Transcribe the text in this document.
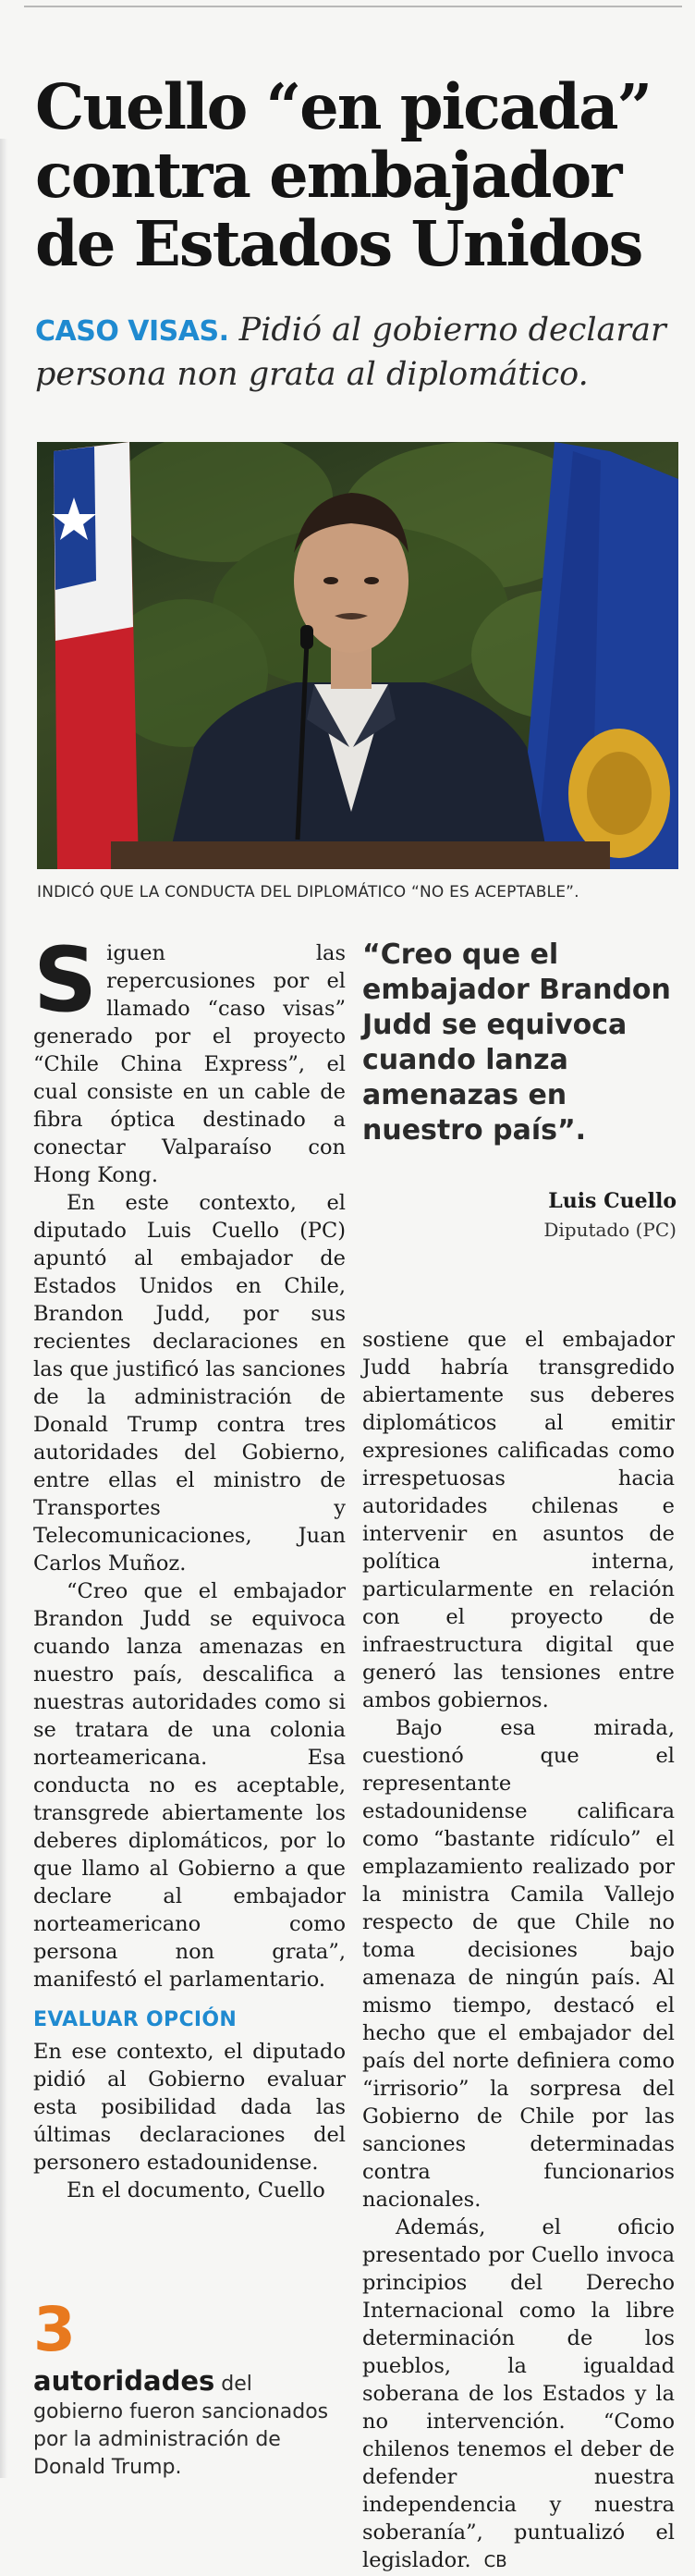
Cuello “en picada”
contra embajador
de Estados Unidos
CASO VISAS. Pidió al gobierno declarar persona non grata al diplomático.
INDICÓ QUE LA CONDUCTA DEL DIPLOMÁTICO “NO ES ACEPTABLE”.

Siguen las repercusiones por el llamado “caso visas” generado por el proyecto “Chile China Express”, el cual consiste en un cable de fibra óptica destinado a conectar Valparaíso con Hong Kong.

En este contexto, el diputado Luis Cuello (PC) apuntó al embajador de Estados Unidos en Chile, Brandon Judd, por sus recientes declaraciones en las que justificó las sanciones de la administración de Donald Trump contra tres autoridades del Gobierno, entre ellas el ministro de Transportes y Telecomunicaciones, Juan Carlos Muñoz.

“Creo que el embajador Brandon Judd se equivoca cuando lanza amenazas en nuestro país, descalifica a nuestras autoridades como si se tratara de una colonia norteamericana. Esa conducta no es aceptable, transgrede abiertamente los deberes diplomáticos, por lo que llamo al Gobierno a que declare al embajador norteamericano como persona non grata”, manifestó el parlamentario.

EVALUAR OPCIÓN

En ese contexto, el diputado pidió al Gobierno evaluar esta posibilidad dada las últimas declaraciones del personero estadounidense.

En el documento, Cuello

“Creo que el embajador Brandon Judd se equivoca cuando lanza amenazas en nuestro país”.
Luis Cuello
Diputado (PC)

sostiene que el embajador Judd habría transgredido abiertamente sus deberes diplomáticos al emitir expresiones calificadas como irrespetuosas hacia autoridades chilenas e intervenir en asuntos de política interna, particularmente en relación con el proyecto de infraestructura digital que generó las tensiones entre ambos gobiernos.

Bajo esa mirada, cuestionó que el representante estadounidense calificara como “bastante ridículo” el emplazamiento realizado por la ministra Camila Vallejo respecto de que Chile no toma decisiones bajo amenaza de ningún país. Al mismo tiempo, destacó el hecho que el embajador del país del norte definiera como “irrisorio” la sorpresa del Gobierno de Chile por las sanciones determinadas contra funcionarios nacionales.

Además, el oficio presentado por Cuello invoca principios del Derecho Internacional como la libre determinación de los pueblos, la igualdad soberana de los Estados y la no intervención. “Como chilenos tenemos el deber de defender nuestra independencia y nuestra soberanía”, puntualizó el legislador. CB

3
autoridades del gobierno fueron sancionados por la administración de Donald Trump.
